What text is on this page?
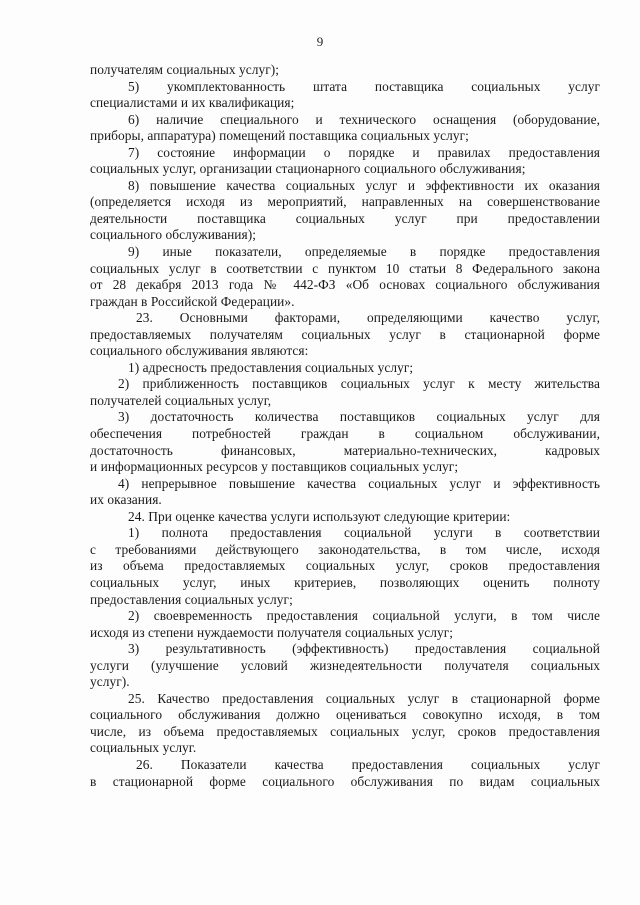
9
получателям социальных услуг);
5) укомплектованность штата поставщика социальных услуг
специалистами и их квалификация;
6) наличие специального и технического оснащения (оборудование,
приборы, аппаратура) помещений поставщика социальных услуг;
7) состояние информации о порядке и правилах предоставления
социальных услуг, организации стационарного социального обслуживания;
8) повышение качества социальных услуг и эффективности их оказания
(определяется исходя из мероприятий, направленных на совершенствование
деятельности поставщика социальных услуг при предоставлении
социального обслуживания);
9) иные показатели, определяемые в порядке предоставления
социальных услуг в соответствии с пунктом 10 статьи 8 Федерального закона
от 28 декабря 2013 года № 442-ФЗ «Об основах социального обслуживания
граждан в Российской Федерации».
23. Основными факторами, определяющими качество услуг,
предоставляемых получателям социальных услуг в стационарной форме
социального обслуживания являются:
1) адресность предоставления социальных услуг;
2) приближенность поставщиков социальных услуг к месту жительства
получателей социальных услуг,
3) достаточность количества поставщиков социальных услуг для
обеспечения потребностей граждан в социальном обслуживании,
достаточность финансовых, материально-технических, кадровых
и информационных ресурсов у поставщиков социальных услуг;
4) непрерывное повышение качества социальных услуг и эффективность
их оказания.
24. При оценке качества услуги используют следующие критерии:
1) полнота предоставления социальной услуги в соответствии
с требованиями действующего законодательства, в том числе, исходя
из объема предоставляемых социальных услуг, сроков предоставления
социальных услуг, иных критериев, позволяющих оценить полноту
предоставления социальных услуг;
2) своевременность предоставления социальной услуги, в том числе
исходя из степени нуждаемости получателя социальных услуг;
3) результативность (эффективность) предоставления социальной
услуги (улучшение условий жизнедеятельности получателя социальных
услуг).
25. Качество предоставления социальных услуг в стационарной форме
социального обслуживания должно оцениваться совокупно исходя, в том
числе, из объема предоставляемых социальных услуг, сроков предоставления
социальных услуг.
26. Показатели качества предоставления социальных услуг
в стационарной форме социального обслуживания по видам социальных
